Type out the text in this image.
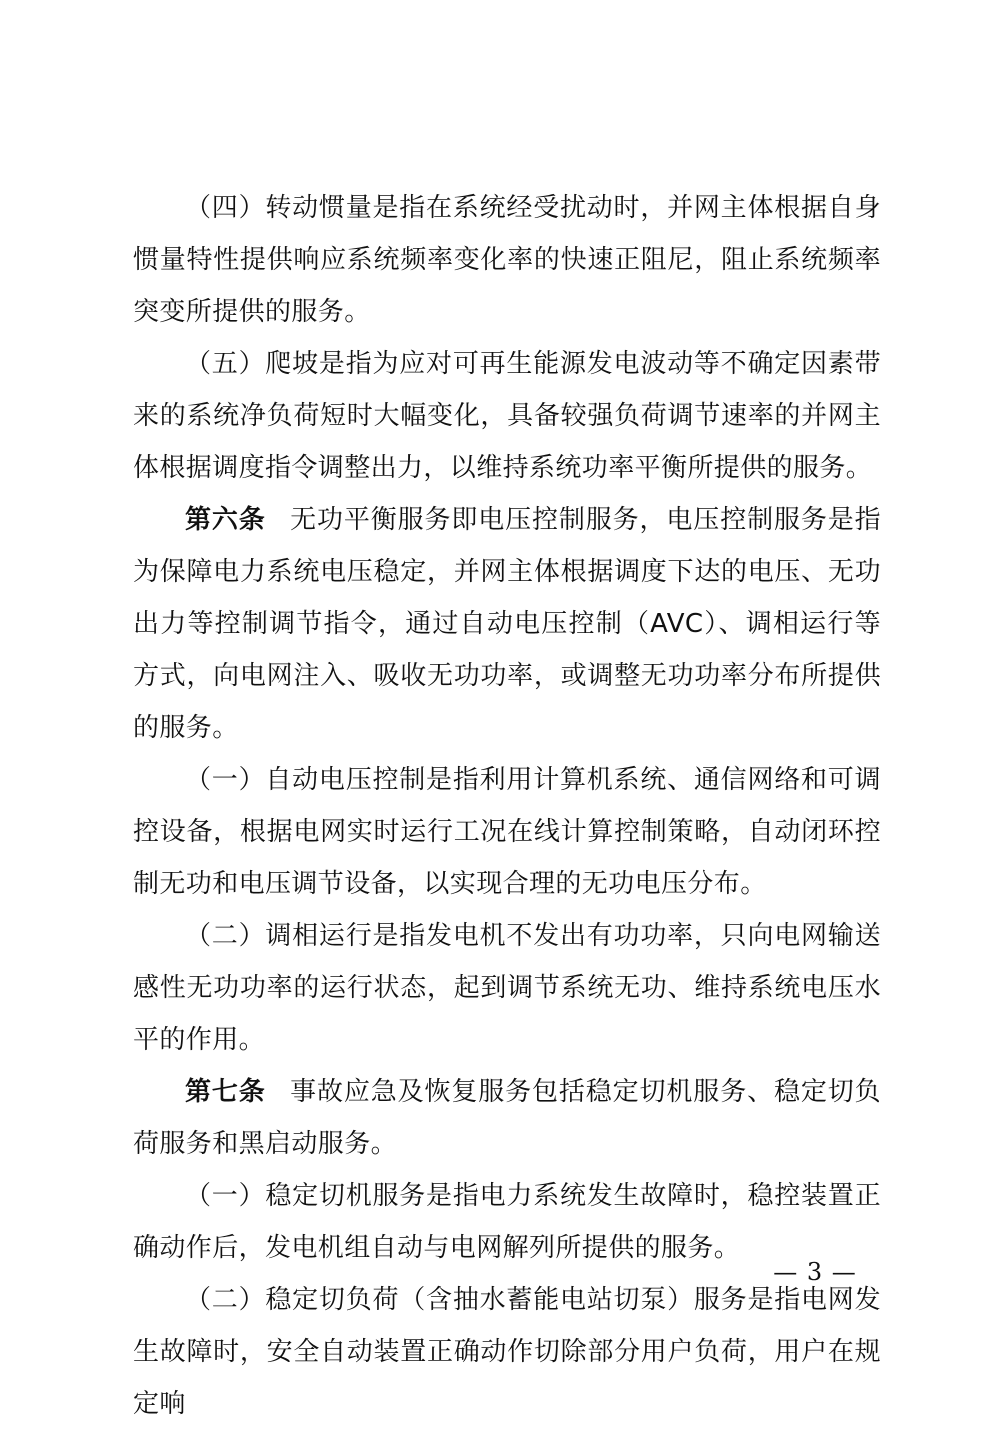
（四）转动惯量是指在系统经受扰动时，并网主体根据自身惯量特性提供响应系统频率变化率的快速正阻尼，阻止系统频率突变所提供的服务。

（五）爬坡是指为应对可再生能源发电波动等不确定因素带来的系统净负荷短时大幅变化，具备较强负荷调节速率的并网主体根据调度指令调整出力，以维持系统功率平衡所提供的服务。

第六条 无功平衡服务即电压控制服务，电压控制服务是指为保障电力系统电压稳定，并网主体根据调度下达的电压、无功出力等控制调节指令，通过自动电压控制（AVC）、调相运行等方式，向电网注入、吸收无功功率，或调整无功功率分布所提供的服务。

（一）自动电压控制是指利用计算机系统、通信网络和可调控设备，根据电网实时运行工况在线计算控制策略，自动闭环控制无功和电压调节设备，以实现合理的无功电压分布。

（二）调相运行是指发电机不发出有功功率，只向电网输送感性无功功率的运行状态，起到调节系统无功、维持系统电压水平的作用。

第七条 事故应急及恢复服务包括稳定切机服务、稳定切负荷服务和黑启动服务。

（一）稳定切机服务是指电力系统发生故障时，稳控装置正确动作后，发电机组自动与电网解列所提供的服务。

（二）稳定切负荷（含抽水蓄能电站切泵）服务是指电网发生故障时，安全自动装置正确动作切除部分用户负荷，用户在规定响

— 3 —
